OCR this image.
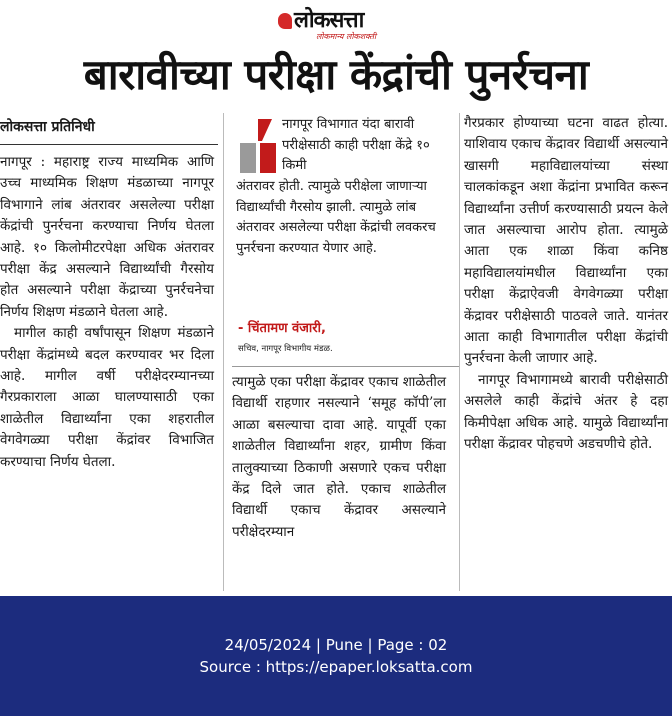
लोकसत्ता
लोकमान्य लोकशक्ती
बारावीच्या परीक्षा केंद्रांची पुनर्रचना
लोकसत्ता प्रतिनिधी

नागपूर : महाराष्ट्र राज्य माध्यमिक आणि उच्च माध्यमिक शिक्षण मंडळाच्या नागपूर विभागाने लांब अंतरावर असलेल्या परीक्षा केंद्रांची पुनर्रचना करण्याचा निर्णय घेतला आहे. १० किलोमीटरपेक्षा अधिक अंतरावर परीक्षा केंद्र असल्याने विद्यार्थ्यांची गैरसोय होत असल्याने परीक्षा केंद्राच्या पुनर्रचनेचा निर्णय शिक्षण मंडळाने घेतला आहे.

मागील काही वर्षांपासून शिक्षण मंडळाने परीक्षा केंद्रांमध्ये बदल करण्यावर भर दिला आहे. मागील वर्षी परीक्षेदरम्यानच्या गैरप्रकाराला आळा घालण्यासाठी एका शाळेतील विद्यार्थ्यांना एका शहरातील वेगवेगळ्या परीक्षा केंद्रांवर विभाजित करण्याचा निर्णय घेतला.

नागपूर विभागात यंदा बारावी परीक्षेसाठी काही परीक्षा केंद्रे १० किमी
अंतरावर होती. त्यामुळे परीक्षेला जाणाऱ्या विद्यार्थ्यांची गैरसोय झाली. त्यामुळे लांब अंतरावर असलेल्या परीक्षा केंद्रांची लवकरच पुनर्रचना करण्यात येणार आहे.
- चिंतामण वंजारी,
सचिव, नागपूर विभागीय मंडळ.

त्यामुळे एका परीक्षा केंद्रावर एकाच शाळेतील विद्यार्थी राहणार नसल्याने ‘समूह कॉपी’ला आळा बसल्याचा दावा आहे. यापूर्वी एका शाळेतील विद्यार्थ्यांना शहर, ग्रामीण किंवा तालुक्याच्या ठिकाणी असणारे एकच परीक्षा केंद्र दिले जात होते. एकाच शाळेतील विद्यार्थी एकाच केंद्रावर असल्याने परीक्षेदरम्यान

गैरप्रकार होण्याच्या घटना वाढत होत्या. याशिवाय एकाच केंद्रावर विद्यार्थी असल्याने खासगी महाविद्यालयांच्या संस्था चालकांकडून अशा केंद्रांना प्रभावित करून विद्यार्थ्यांना उत्तीर्ण करण्यासाठी प्रयत्न केले जात असल्याचा आरोप होता. त्यामुळे आता एक शाळा किंवा कनिष्ठ महाविद्यालयांमधील विद्यार्थ्यांना एका परीक्षा केंद्राऐवजी वेगवेगळ्या परीक्षा केंद्रावर परीक्षेसाठी पाठवले जाते. यानंतर आता काही विभागातील परीक्षा केंद्रांची पुनर्रचना केली जाणार आहे.

नागपूर विभागामध्ये बारावी परीक्षेसाठी असलेले काही केंद्रांचे अंतर हे दहा किमीपेक्षा अधिक आहे. यामुळे विद्यार्थ्यांना परीक्षा केंद्रावर पोहचणे अडचणीचे होते.

24/05/2024 | Pune | Page : 02
Source : https://epaper.loksatta.com
